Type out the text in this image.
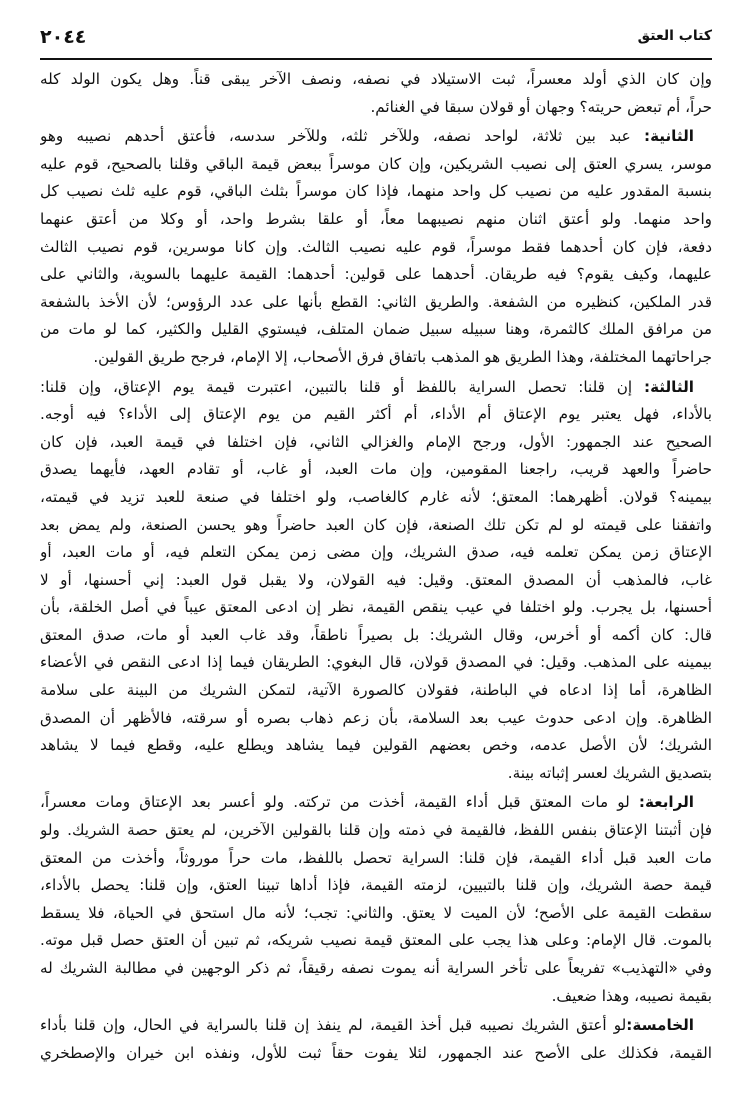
٢٠٤٤	كتاب العتق
وإن كان الذي أولد معسراً، ثبت الاستيلاد في نصفه، ونصف الآخر يبقى قناً. وهل يكون الولد كله
حراً، أم تبعض حريته؟ وجهان أو قولان سبقا في الغنائم.
الثانية: عبد بين ثلاثة، لواحد نصفه، وللآخر ثلثه، وللآخر سدسه، فأعتق أحدهم نصيبه وهو
موسر، يسري العتق إلى نصيب الشريكين، وإن كان موسراً ببعض قيمة الباقي وقلنا بالصحيح، قوم عليه
بنسبة المقدور عليه من نصيب كل واحد منهما، فإذا كان موسراً بثلث الباقي، قوم عليه ثلث نصيب كل
واحد منهما. ولو أعتق اثنان منهم نصيبهما معاً، أو علقا بشرط واحد، أو وكلا من أعتق عنهما
دفعة، فإن كان أحدهما فقط موسراً، قوم عليه نصيب الثالث. وإن كانا موسرين، قوم نصيب الثالث
عليهما، وكيف يقوم؟ فيه طريقان. أحدهما على قولين: أحدهما: القيمة عليهما بالسوية، والثاني على
قدر الملكين، كنظيره من الشفعة. والطريق الثاني: القطع بأنها على عدد الرؤوس؛ لأن الأخذ بالشفعة
من مرافق الملك كالثمرة، وهنا سبيله سبيل ضمان المتلف، فيستوي القليل والكثير، كما لو مات من
جراحاتهما المختلفة، وهذا الطريق هو المذهب باتفاق فرق الأصحاب، إلا الإمام، فرجح طريق القولين.
الثالثة: إن قلنا: تحصل السراية باللفظ أو قلنا بالتبين، اعتبرت قيمة يوم الإعتاق، وإن قلنا:
بالأداء، فهل يعتبر يوم الإعتاق أم الأداء، أم أكثر القيم من يوم الإعتاق إلى الأداء؟ فيه أوجه.
الصحيح عند الجمهور: الأول، ورجح الإمام والغزالي الثاني، فإن اختلفا في قيمة العبد، فإن كان
حاضراً والعهد قريب، راجعنا المقومين، وإن مات العبد، أو غاب، أو تقادم العهد، فأيهما يصدق
بيمينه؟ قولان. أظهرهما: المعتق؛ لأنه غارم كالغاصب، ولو اختلفا في صنعة للعبد تزيد في قيمته،
واتفقنا على قيمته لو لم تكن تلك الصنعة، فإن كان العبد حاضراً وهو يحسن الصنعة، ولم يمض بعد
الإعتاق زمن يمكن تعلمه فيه، صدق الشريك، وإن مضى زمن يمكن التعلم فيه، أو مات العبد، أو
غاب، فالمذهب أن المصدق المعتق. وقيل: فيه القولان، ولا يقبل قول العبد: إني أحسنها، أو لا
أحسنها، بل يجرب. ولو اختلفا في عيب ينقص القيمة، نظر إن ادعى المعتق عيباً في أصل الخلقة، بأن
قال: كان أكمه أو أخرس، وقال الشريك: بل بصيراً ناطقاً، وقد غاب العبد أو مات، صدق المعتق
بيمينه على المذهب. وقيل: في المصدق قولان، قال البغوي: الطريقان فيما إذا ادعى النقص في الأعضاء
الظاهرة، أما إذا ادعاه في الباطنة، فقولان كالصورة الآتية، لتمكن الشريك من البينة على سلامة
الظاهرة. وإن ادعى حدوث عيب بعد السلامة، بأن زعم ذهاب بصره أو سرقته، فالأظهر أن المصدق
الشريك؛ لأن الأصل عدمه، وخص بعضهم القولين فيما يشاهد ويطلع عليه، وقطع فيما لا يشاهد
بتصديق الشريك لعسر إثباته بينة.
الرابعة: لو مات المعتق قبل أداء القيمة، أخذت من تركته. ولو أعسر بعد الإعتاق ومات معسراً،
فإن أثبتنا الإعتاق بنفس اللفظ، فالقيمة في ذمته وإن قلنا بالقولين الآخرين، لم يعتق حصة الشريك. ولو
مات العبد قبل أداء القيمة، فإن قلنا: السراية تحصل باللفظ، مات حراً موروثاً، وأخذت من المعتق
قيمة حصة الشريك، وإن قلنا بالتبيين، لزمته القيمة، فإذا أداها تبينا العتق، وإن قلنا: يحصل بالأداء،
سقطت القيمة على الأصح؛ لأن الميت لا يعتق. والثاني: تجب؛ لأنه مال استحق في الحياة، فلا يسقط
بالموت. قال الإمام: وعلى هذا يجب على المعتق قيمة نصيب شريكه، ثم تبين أن العتق حصل قبل موته.
وفي «التهذيب» تفريعاً على تأخر السراية أنه يموت نصفه رقيقاً، ثم ذكر الوجهين في مطالبة الشريك له
بقيمة نصيبه، وهذا ضعيف.
الخامسة:لو أعتق الشريك نصيبه قبل أخذ القيمة، لم ينفذ إن قلنا بالسراية في الحال، وإن قلنا بأداء
القيمة، فكذلك على الأصح عند الجمهور، لئلا يفوت حقاً ثبت للأول، ونفذه ابن خيران والإصطخري
